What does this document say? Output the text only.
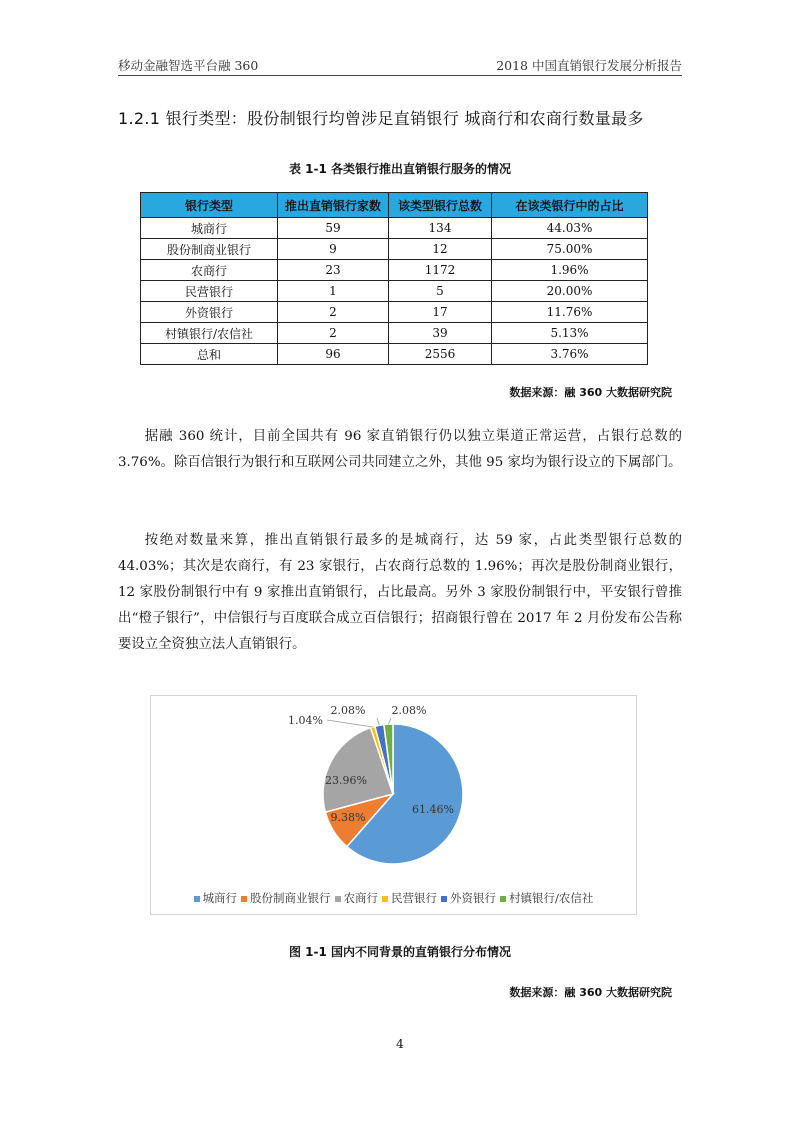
移动金融智选平台融 360	2018 中国直销银行发展分析报告
1.2.1 银行类型：股份制银行均曾涉足直销银行 城商行和农商行数量最多
表 1-1 各类银行推出直销银行服务的情况
银行类型	推出直销银行家数	该类型银行总数	在该类银行中的占比
城商行	59	134	44.03%
股份制商业银行	9	12	75.00%
农商行	23	1172	1.96%
民营银行	1	5	20.00%
外资银行	2	17	11.76%
村镇银行/农信社	2	39	5.13%
总和	96	2556	3.76%
数据来源：融 360 大数据研究院
据融 360 统计，目前全国共有 96 家直销银行仍以独立渠道正常运营，占银行总数的 3.76%。除百信银行为银行和互联网公司共同建立之外，其他 95 家均为银行设立的下属部门。
按绝对数量来算，推出直销银行最多的是城商行，达 59 家，占此类型银行总数的 44.03%；其次是农商行，有 23 家银行，占农商行总数的 1.96%；再次是股份制商业银行，12 家股份制银行中有 9 家推出直销银行，占比最高。另外 3 家股份制银行中，平安银行曾推出“橙子银行”，中信银行与百度联合成立百信银行；招商银行曾在 2017 年 2 月份发布公告称要设立全资独立法人直销银行。
61.46%
9.38%
23.96%
1.04%
2.08% 2.08%
城商行 股份制商业银行 农商行 民营银行 外资银行 村镇银行/农信社
图 1-1 国内不同背景的直销银行分布情况
数据来源：融 360 大数据研究院
4
